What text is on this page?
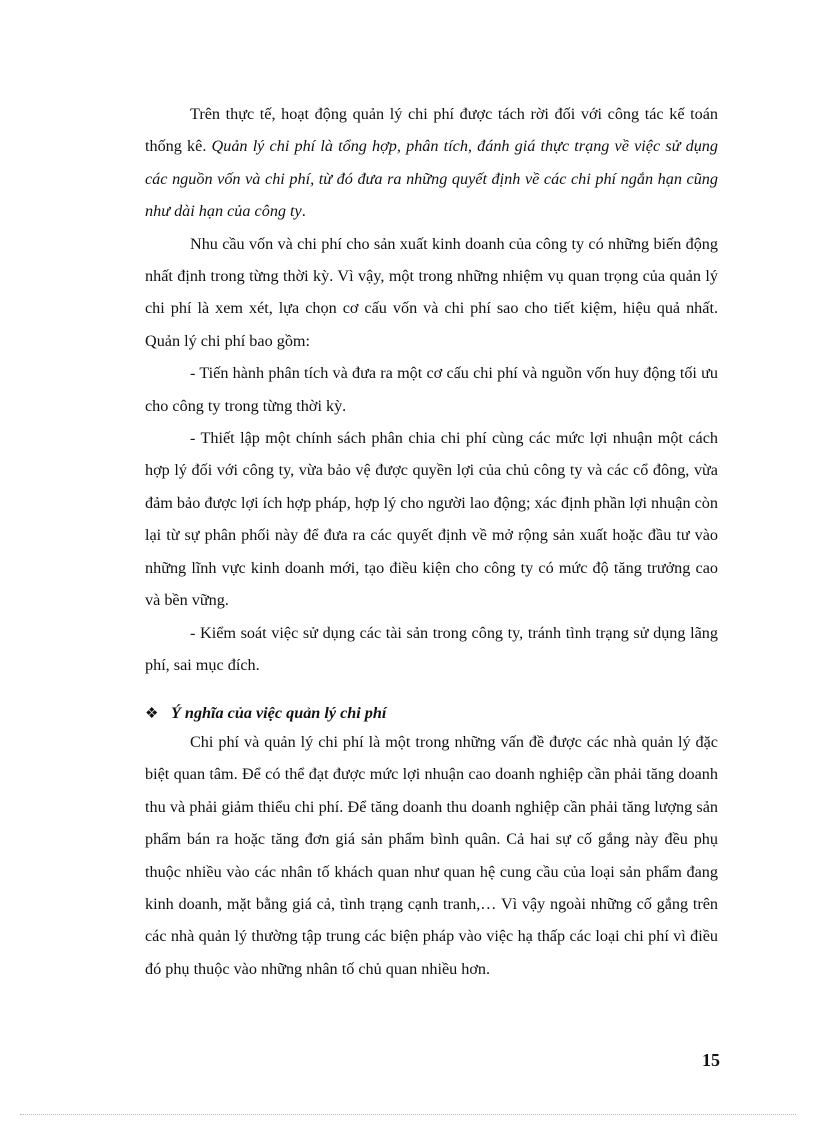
Trên thực tế, hoạt động quản lý chi phí được tách rời đối với công tác kế toán thống kê. Quản lý chi phí là tổng hợp, phân tích, đánh giá thực trạng về việc sử dụng các nguồn vốn và chi phí, từ đó đưa ra những quyết định về các chi phí ngắn hạn cũng như dài hạn của công ty.

Nhu cầu vốn và chi phí cho sản xuất kinh doanh của công ty có những biến động nhất định trong từng thời kỳ. Vì vậy, một trong những nhiệm vụ quan trọng của quản lý chi phí là xem xét, lựa chọn cơ cấu vốn và chi phí sao cho tiết kiệm, hiệu quả nhất. Quản lý chi phí bao gồm:

- Tiến hành phân tích và đưa ra một cơ cấu chi phí và nguồn vốn huy động tối ưu cho công ty trong từng thời kỳ.

- Thiết lập một chính sách phân chia chi phí cùng các mức lợi nhuận một cách hợp lý đối với công ty, vừa bảo vệ được quyền lợi của chủ công ty và các cổ đông, vừa đảm bảo được lợi ích hợp pháp, hợp lý cho người lao động; xác định phần lợi nhuận còn lại từ sự phân phối này để đưa ra các quyết định về mở rộng sản xuất hoặc đầu tư vào những lĩnh vực kinh doanh mới, tạo điều kiện cho công ty có mức độ tăng trưởng cao và bền vững.

- Kiểm soát việc sử dụng các tài sản trong công ty, tránh tình trạng sử dụng lãng phí, sai mục đích.

❖ Ý nghĩa của việc quản lý chi phí

Chi phí và quản lý chi phí là một trong những vấn đề được các nhà quản lý đặc biệt quan tâm. Để có thể đạt được mức lợi nhuận cao doanh nghiệp cần phải tăng doanh thu và phải giảm thiểu chi phí. Để tăng doanh thu doanh nghiệp cần phải tăng lượng sản phẩm bán ra hoặc tăng đơn giá sản phẩm bình quân. Cả hai sự cố gắng này đều phụ thuộc nhiều vào các nhân tố khách quan như quan hệ cung cầu của loại sản phẩm đang kinh doanh, mặt bằng giá cả, tình trạng cạnh tranh,… Vì vậy ngoài những cố gắng trên các nhà quản lý thường tập trung các biện pháp vào việc hạ thấp các loại chi phí vì điều đó phụ thuộc vào những nhân tố chủ quan nhiều hơn.

15
